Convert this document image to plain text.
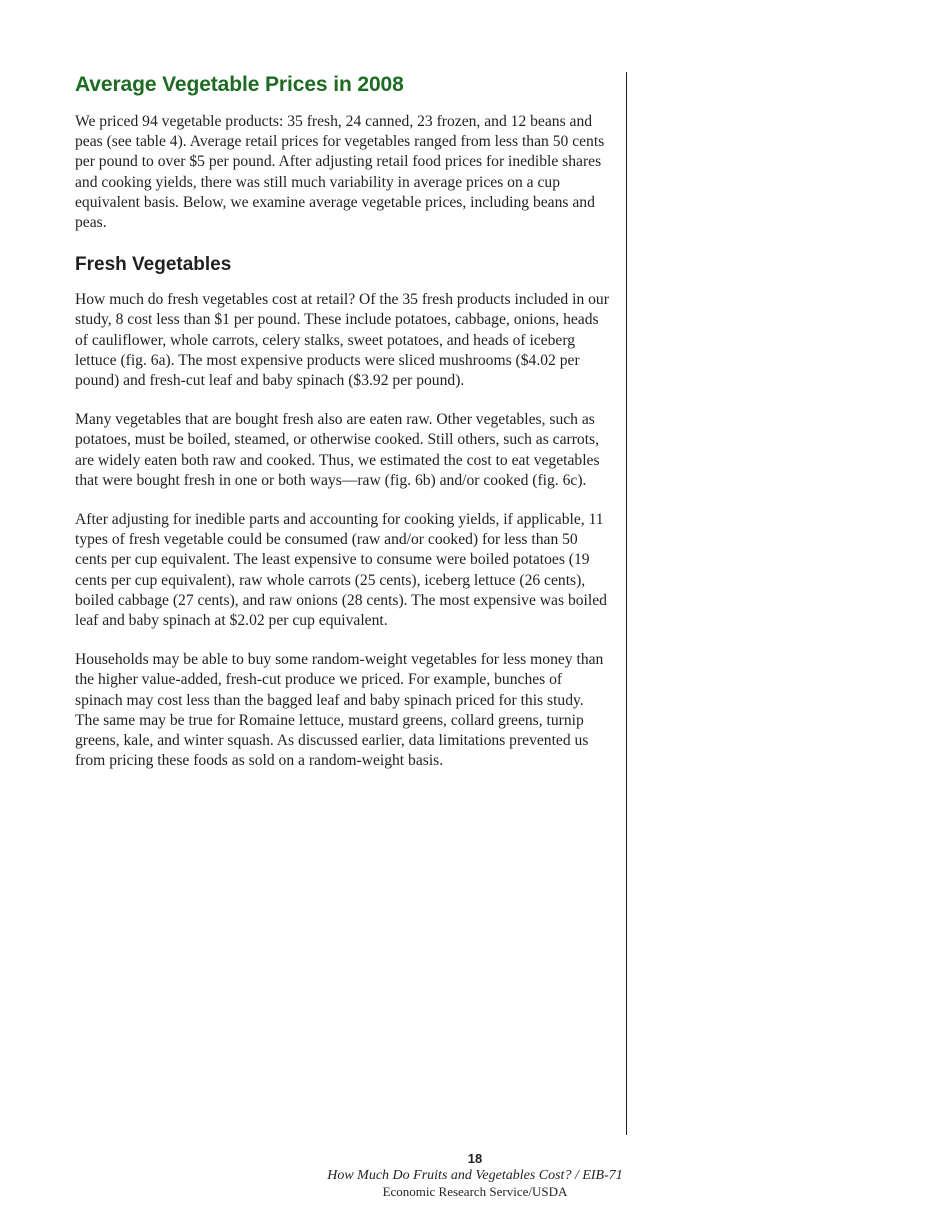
Average Vegetable Prices in 2008

We priced 94 vegetable products: 35 fresh, 24 canned, 23 frozen, and 12 beans and peas (see table 4). Average retail prices for vegetables ranged from less than 50 cents per pound to over $5 per pound. After adjusting retail food prices for inedible shares and cooking yields, there was still much variability in average prices on a cup equivalent basis. Below, we examine average vegetable prices, including beans and peas.

Fresh Vegetables

How much do fresh vegetables cost at retail? Of the 35 fresh products included in our study, 8 cost less than $1 per pound. These include potatoes, cabbage, onions, heads of cauliflower, whole carrots, celery stalks, sweet potatoes, and heads of iceberg lettuce (fig. 6a). The most expensive products were sliced mushrooms ($4.02 per pound) and fresh-cut leaf and baby spinach ($3.92 per pound).

Many vegetables that are bought fresh also are eaten raw. Other vegetables, such as potatoes, must be boiled, steamed, or otherwise cooked. Still others, such as carrots, are widely eaten both raw and cooked. Thus, we estimated the cost to eat vegetables that were bought fresh in one or both ways—raw (fig. 6b) and/or cooked (fig. 6c).

After adjusting for inedible parts and accounting for cooking yields, if applicable, 11 types of fresh vegetable could be consumed (raw and/or cooked) for less than 50 cents per cup equivalent. The least expensive to consume were boiled potatoes (19 cents per cup equivalent), raw whole carrots (25 cents), iceberg lettuce (26 cents), boiled cabbage (27 cents), and raw onions (28 cents). The most expensive was boiled leaf and baby spinach at $2.02 per cup equivalent.

Households may be able to buy some random-weight vegetables for less money than the higher value-added, fresh-cut produce we priced. For example, bunches of spinach may cost less than the bagged leaf and baby spinach priced for this study. The same may be true for Romaine lettuce, mustard greens, collard greens, turnip greens, kale, and winter squash. As discussed earlier, data limitations prevented us from pricing these foods as sold on a random-weight basis.

18
How Much Do Fruits and Vegetables Cost? / EIB-71
Economic Research Service/USDA
